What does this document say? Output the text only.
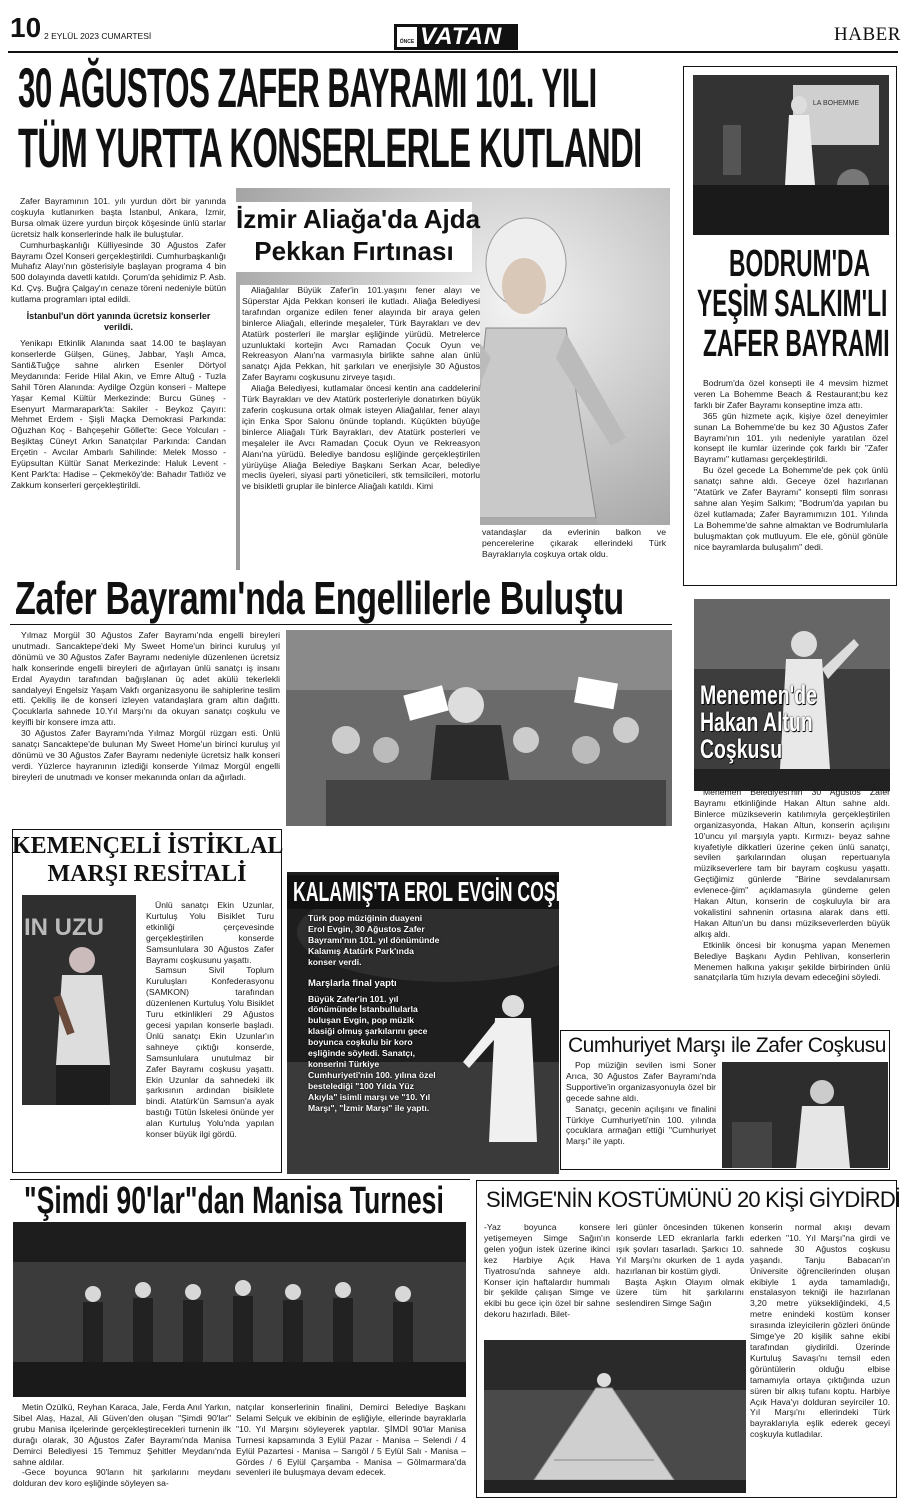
10 2 EYLÜL 2023 CUMARTESİ
ÖNCE VATAN	HABER
30 AĞUSTOS ZAFER BAYRAMI 101. YILI
TÜM YURTTA KONSERLERLE KUTLANDI

Zafer Bayramının 101. yılı yurdun dört bir yanında coşkuyla kutlanırken başta İstanbul, Ankara, İzmir, Bursa olmak üzere yurdun birçok köşesinde ünlü starlar ücretsiz halk konserlerinde halk ile buluştular.

Cumhurbaşkanlığı Külliyesinde 30 Ağustos Zafer Bayramı Özel Konseri gerçekleştirildi. Cumhurbaşkanlığı Muhafız Alayı'nın gösterisiyle başlayan programa 4 bin 500 dolayında davetli katıldı. Çorum'da şehidimiz P. Asb. Kd. Çvş. Buğra Çalgay'ın cenaze töreni nedeniyle bütün kutlama programları iptal edildi.

İstanbul'un dört yanında ücretsiz konserler verildi.

Yenikapı Etkinlik Alanında saat 14.00 te başlayan konserlerde Gülşen, Güneş, Jabbar, Yaşlı Amca, Santi&Tuğçe sahne alırken Esenler Dörtyol Meydanında: Feride Hilal Akın, ve Emre Altuğ - Tuzla Sahil Tören Alanında: Aydilge Özgün konseri - Maltepe Yaşar Kemal Kültür Merkezinde: Burcu Güneş - Esenyurt Marmarapark'ta: Sakiler - Beykoz Çayırı: Mehmet Erdem - Şişli Maçka Demokrasi Parkında: Oğuzhan Koç - Bahçeşehir Göllet'te: Gece Yolcuları - Beşiktaş Cüneyt Arkın Sanatçılar Parkında: Candan Erçetin - Avcılar Ambarlı Sahilinde: Melek Mosso - Eyüpsultan Kültür Sanat Merkezinde: Haluk Levent - Kent Park'ta: Hadise – Çekmeköy'de: Bahadır Tatlıöz ve Zakkum konserleri gerçekleştirildi.

İzmir Aliağa'da Ajda
Pekkan Fırtınası

Aliağalılar Büyük Zafer'in 101.yaşını fener alayı ve Süperstar Ajda Pekkan konseri ile kutladı. Aliağa Belediyesi tarafından organize edilen fener alayında bir araya gelen binlerce Aliağalı, ellerinde meşaleler, Türk Bayrakları ve dev Atatürk posterleri ile marşlar eşliğinde yürüdü. Metrelerce uzunluktaki kortejin Avcı Ramadan Çocuk Oyun ve Rekreasyon Alanı'na varmasıyla birlikte sahne alan ünlü sanatçı Ajda Pekkan, hit şarkıları ve enerjisiyle 30 Ağustos Zafer Bayramı coşkusunu zirveye taşıdı.

Aliağa Belediyesi, kutlamalar öncesi kentin ana caddelerini Türk Bayrakları ve dev Atatürk posterleriyle donatırken büyük zaferin coşkusuna ortak olmak isteyen Aliağalılar, fener alayı için Enka Spor Salonu önünde toplandı. Küçükten büyüğe binlerce Aliağalı Türk Bayrakları, dev Atatürk posterleri ve meşaleler ile Avcı Ramadan Çocuk Oyun ve Rekreasyon Alanı'na yürüdü. Belediye bandosu eşliğinde gerçekleştirilen yürüyüşe Aliağa Belediye Başkanı Serkan Acar, belediye meclis üyeleri, siyasi parti yöneticileri, stk temsilcileri, motorlu ve bisikletli gruplar ile binlerce Aliağalı katıldı. Kimi

vatandaşlar da evlerinin balkon ve pencerelerine çıkarak ellerindeki Türk Bayraklarıyla coşkuya ortak oldu.

LA BOHEMME
BODRUM'DA
YEŞİM SALKIM'LI
ZAFER BAYRAMI

Bodrum'da özel konsepti ile 4 mevsim hizmet veren La Bohemme Beach & Restaurant;bu kez farklı bir Zafer Bayramı konseptine imza attı.

365 gün hizmete açık, kişiye özel deneyimler sunan La Bohemme'de bu kez 30 Ağustos Zafer Bayramı'nın 101. yılı nedeniyle yaratılan özel konsept ile kumlar üzerinde çok farklı bir "Zafer Bayramı" kutlaması gerçekleştirildi.

Bu özel gecede La Bohemme'de pek çok ünlü sanatçı sahne aldı. Geceye özel hazırlanan "Atatürk ve Zafer Bayramı" konsepti film sonrası sahne alan Yeşim Salkım; "Bodrum'da yapılan bu özel kutlamada; Zafer Bayramımızın 101. Yılında La Bohemme'de sahne almaktan ve Bodrumlularla buluşmaktan çok mutluyum. Ele ele, gönül gönüle nice bayramlarda buluşalım" dedi.

Zafer Bayramı'nda Engellilerle Buluştu

Yılmaz Morgül 30 Ağustos Zafer Bayramı'nda engelli bireyleri unutmadı. Sancaktepe'deki My Sweet Home'un birinci kuruluş yıl dönümü ve 30 Ağustos Zafer Bayramı nedeniyle düzenlenen ücretsiz halk konserinde engelli bireyleri de ağırlayan ünlü sanatçı iş insanı Erdal Ayaydın tarafından bağışlanan üç adet akülü tekerlekli sandalyeyi Engelsiz Yaşam Vakfı organizasyonu ile sahiplerine teslim etti. Çekiliş ile de konseri izleyen vatandaşlara gram altın dağıttı. Çocuklarla sahnede 10.Yıl Marşı'nı da okuyan sanatçı coşkulu ve keyifli bir konsere imza attı.

30 Ağustos Zafer Bayramı'nda Yılmaz Morgül rüzgarı esti. Ünlü sanatçı Sancaktepe'de bulunan My Sweet Home'un birinci kuruluş yıl dönümü ve 30 Ağustos Zafer Bayramı nedeniyle ücretsiz halk konseri verdi. Yüzlerce hayranının izlediği konserde Yılmaz Morgül engelli bireyleri de unutmadı ve konser mekanında onları da ağırladı.

Menemen'de
Hakan Altun
Coşkusu

Menemen Belediyesi'nin 30 Ağustos Zafer Bayramı etkinliğinde Hakan Altun sahne aldı. Binlerce müzikseverin katılımıyla gerçekleştirilen organizasyonda, Hakan Altun, konserin açılışını 10'uncu yıl marşıyla yaptı. Kırmızı- beyaz sahne kıyafetiyle dikkatleri üzerine çeken ünlü sanatçı, sevilen şarkılarından oluşan repertuarıyla müzikseverlere tam bir bayram coşkusu yaşattı. Geçtiğimiz günlerde "Birine sevdalanırsam evlenece-ğim" açıklamasıyla gündeme gelen Hakan Altun, konserin de coşkuluyla bir ara vokalistini sahnenin ortasına alarak dans etti. Hakan Altun'un bu dansı müzikseverlerden büyük alkış aldı.

Etkinlik öncesi bir konuşma yapan Menemen Belediye Başkanı Aydın Pehlivan, konserlerin Menemen halkına yakışır şekilde birbirinden ünlü sanatçılarla tüm hızıyla devam edeceğini söyledi.

KEMENÇELİ İSTİKLAL
MARŞI RESİTALİ
IN UZU

Ünlü sanatçı Ekin Uzunlar, Kurtuluş Yolu Bisiklet Turu etkinliği çerçevesinde gerçekleştirilen konserde Samsunlulara 30 Ağustos Zafer Bayramı coşkusunu yaşattı.

Samsun Sivil Toplum Kuruluşları Konfederasyonu (SAMKON) tarafından düzenlenen Kurtuluş Yolu Bisiklet Turu etkinlikleri 29 Ağustos gecesi yapılan konserle başladı. Ünlü sanatçı Ekin Uzunlar'ın sahneye çıktığı konserde, Samsunlulara unutulmaz bir Zafer Bayramı coşkusu yaşattı. Ekin Uzunlar da sahnedeki ilk şarkısının ardından bisiklete bindi. Atatürk'ün Samsun'a ayak bastığı Tütün İskelesi önünde yer alan Kurtuluş Yolu'nda yapılan konser büyük ilgi gördü.

KALAMIŞ'TA EROL EVGİN COŞKUSU
Türk pop müziğinin duayeni Erol Evgin, 30 Ağustos Zafer Bayramı'nın 101. yıl dönümünde Kalamış Atatürk Park'ında konser verdi.
Marşlarla final yaptı
Büyük Zafer'in 101. yıl dönümünde İstanbullularla buluşan Evgin, pop müzik klasiği olmuş şarkılarını gece boyunca coşkulu bir koro eşliğinde söyledi. Sanatçı, konserini Türkiye Cumhuriyeti'nin 100. yılına özel bestelediği "100 Yılda Yüz Akıyla" isimli marşı ve "10. Yıl Marşı", "İzmir Marşı" ile yaptı.
Cumhuriyet Marşı ile Zafer Coşkusu

Pop müziğin sevilen ismi Soner Arıca, 30 Ağustos Zafer Bayramı'nda Supportive'in organizasyonuyla özel bir gecede sahne aldı.

Sanatçı, gecenin açılışını ve finalini Türkiye Cumhuriyeti'nin 100. yılında çocuklara armağan ettiği "Cumhuriyet Marşı" ile yaptı.

"Şimdi 90'lar"dan Manisa Turnesi

Metin Özülkü, Reyhan Karaca, Jale, Ferda Anıl Yarkın, Sibel Alaş, Hazal, Ali Güven'den oluşan "Şimdi 90'lar" grubu Manisa ilçelerinde gerçekleştirecekleri turnenin ilk durağı olarak, 30 Ağustos Zafer Bayramı'nda Manisa Demirci Belediyesi 15 Temmuz Şehitler Meydanı'nda sahne aldılar.

-Gece boyunca 90'ların hit şarkılarını meydanı dolduran dev koro eşliğinde söyleyen sa-

natçılar konserlerinin finalini, Demirci Belediye Başkanı Selami Selçuk ve ekibinin de eşliğiyle, ellerinde bayraklarla "10. Yıl Marşını söyleyerek yaptılar. ŞİMDİ 90'lar Manisa Turnesi kapsamında 3 Eylül Pazar - Manisa – Selendi / 4 Eylül Pazartesi - Manisa – Sarıgöl / 5 Eylül Salı - Manisa – Gördes / 6 Eylül Çarşamba - Manisa – Gölmarmara'da sevenleri ile buluşmaya devam edecek.

SİMGE'NİN KOSTÜMÜNÜ 20 KİŞİ GİYDİRDİ

-Yaz boyunca konsere yetişemeyen Simge Sağın'ın gelen yoğun istek üzerine ikinci kez Harbiye Açık Hava Tiyatrosu'nda sahneye aldı. Konser için haftalardır hummalı bir şekilde çalışan Simge ve ekibi bu gece için özel bir sahne dekoru hazırladı. Bilet-

leri günler öncesinden tükenen konserde LED ekranlarla farklı ışık şovları tasarladı. Şarkıcı 10. Yıl Marşı'nı okurken de 1 ayda hazırlanan bir kostüm giydi.

Başta Aşkın Olayım olmak üzere tüm hit şarkılarını seslendiren Simge Sağın

konserin normal akışı devam ederken "10. Yıl Marşı"na girdi ve sahnede 30 Ağustos coşkusu yaşandı. Tanju Babacan'ın Üniversite öğrencilerinden oluşan ekibiyle 1 ayda tamamladığı, enstalasyon tekniği ile hazırlanan 3,20 metre yüksekliğindeki, 4,5 metre enindeki kostüm konser sırasında izleyicilerin gözleri önünde Simge'ye 20 kişilik sahne ekibi tarafından giydirildi. Üzerinde Kurtuluş Savaşı'nı temsil eden görüntülerin olduğu elbise tamamıyla ortaya çıktığında uzun süren bir alkış tufanı koptu. Harbiye Açık Hava'yı dolduran seyirciler 10. Yıl Marşı'nı ellerindeki Türk bayraklarıyla eşlik ederek geceyi coşkuyla kutladılar.
